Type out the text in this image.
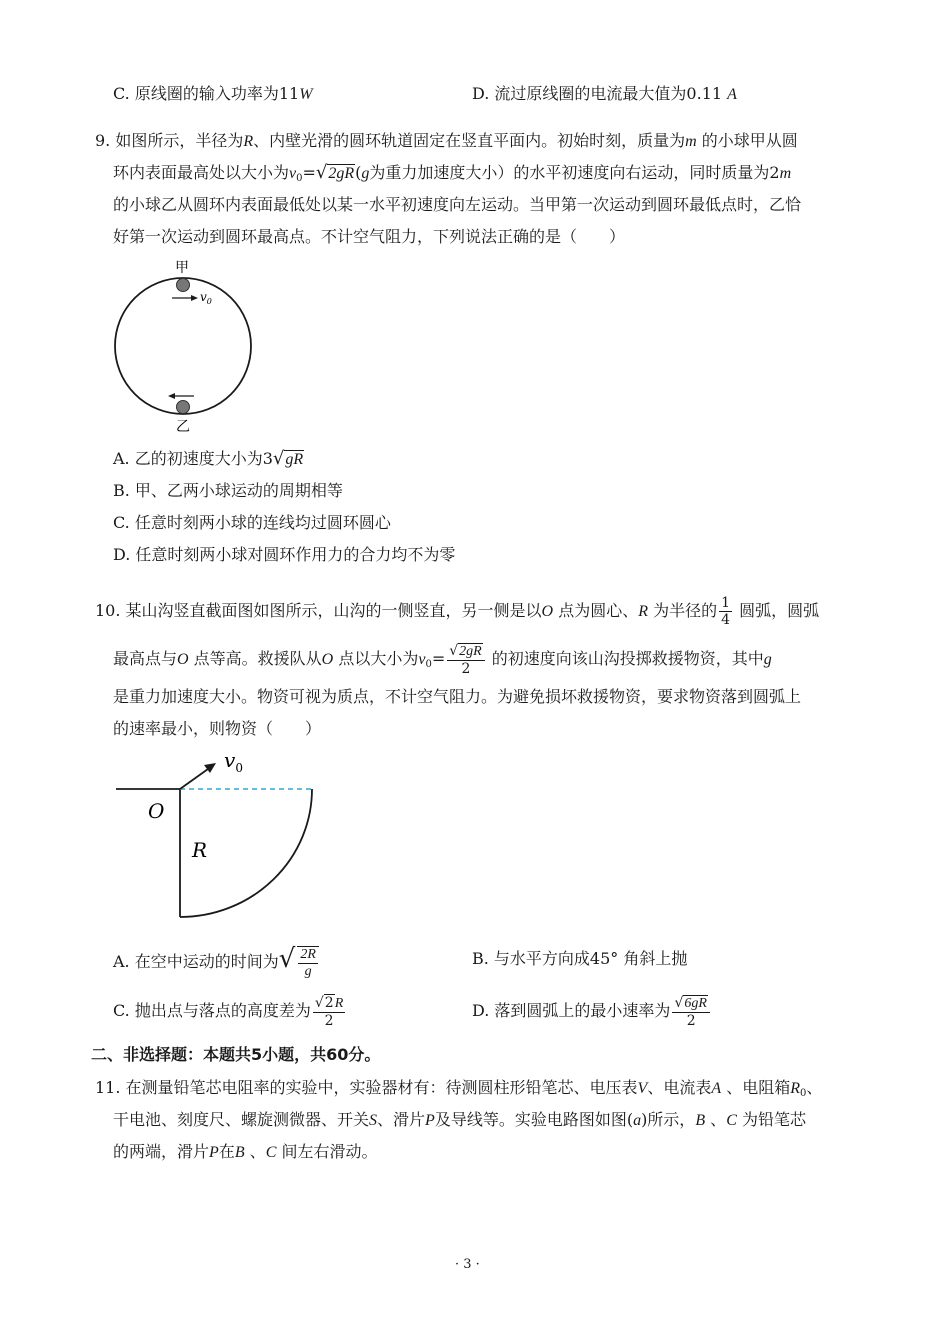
C. 原线圈的输入功率为11W	D. 流过原线圈的电流最大值为0.11 A
9. 如图所示，半径为R、内壁光滑的圆环轨道固定在竖直平面内。初始时刻，质量为m 的小球甲从圆
环内表面最高处以大小为$v_0=√2gR(g$为重力加速度大小）的水平初速度向右运动，同时质量为2m
的小球乙从圆环内表面最低处以某一水平初速度向左运动。当甲第一次运动到圆环最低点时，乙恰
好第一次运动到圆环最高点。不计空气阻力，下列说法正确的是（　　）
甲
$v_0$
乙
A. 乙的初速度大小为3√gR
B. 甲、乙两小球运动的周期相等
C. 任意时刻两小球的连线均过圆环圆心
D. 任意时刻两小球对圆环作用力的合力均不为零
10. 某山沟竖直截面图如图所示，山沟的一侧竖直，另一侧是以O 点为圆心、R 为半径的 $\frac{1}{4}$ 圆弧，圆弧
最高点与O 点等高。救援队从O 点以大小为$v_0= \frac{√2gR}{2}$ 的初速度向该山沟投掷救援物资，其中g
是重力加速度大小。物资可视为质点，不计空气阻力。为避免损坏救援物资，要求物资落到圆弧上
的速率最小，则物资（　　）
$v_0$
O
R
A. 在空中运动的时间为√ $\frac{2R}{g}$	B. 与水平方向成45° 角斜上抛
C. 抛出点与落点的高度差为 $\frac{√2R}{2}$	D. 落到圆弧上的最小速率为 $\frac{√6gR}{2}$
二、非选择题：本题共5小题，共60分。
11. 在测量铅笔芯电阻率的实验中，实验器材有：待测圆柱形铅笔芯、电压表V、电流表A 、电阻箱$R_0$、
干电池、刻度尺、螺旋测微器、开关S、滑片P及导线等。实验电路图如图(a)所示，B 、C 为铅笔芯
的两端，滑片P在B 、C 间左右滑动。
· 3 ·
